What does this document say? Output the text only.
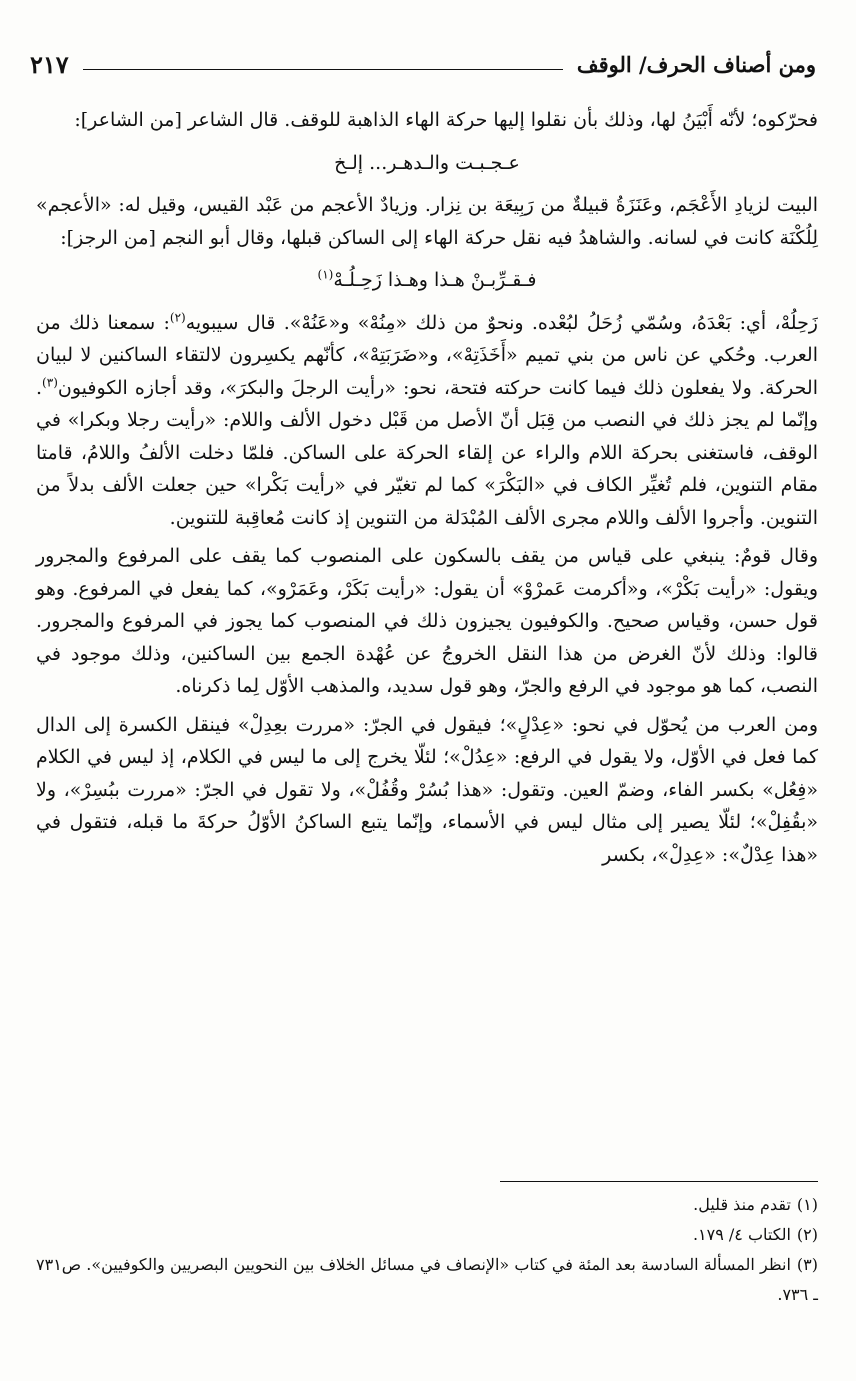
ومن أصناف الحرف/ الوقف
٢١٧

فحرّكوه؛ لأنّه أَبْيَنُ لها، وذلك بأن نقلوا إليها حركة الهاء الذاهبة للوقف. قال الشاعر [من الشاعر]:

عـجـبـت والـدهـر... إلـخ

البيت لزيادِ الأَعْجَم، وعَنَزَةُ قبيلةٌ من رَبِيعَة بن نِزار. وزيادٌ الأعجم من عَبْد القيس، وقيل له: «الأعجم» لِلُكْنَة كانت في لسانه. والشاهدُ فيه نقل حركة الهاء إلى الساكن قبلها، وقال أبو النجم [من الرجز]:

فـقـرِّبـنْ هـذا وهـذا زَحِـلُـهْ$^{(١)}$

زَحِلُهْ، أي: بَعْدَهُ، وسُمّي زُحَلُ لبُعْده. ونحوٌ من ذلك «مِنُهْ» و«عَنُهْ». قال سيبويه$^{(٢)}$: سمعنا ذلك من العرب. وحُكي عن ناس من بني تميم «أَخَذَتِهْ»، و«ضَرَبَتِهْ»، كأنّهم يكسِرون لالتقاء الساكنين لا لبيان الحركة. ولا يفعلون ذلك فيما كانت حركته فتحة، نحو: «رأيت الرجلَ والبكرَ»، وقد أجازه الكوفيون$^{(٣)}$. وإنّما لم يجز ذلك في النصب من قِبَل أنّ الأصل من قَبْل دخول الألف واللام: «رأيت رجلا وبكرا» في الوقف، فاستغنى بحركة اللام والراء عن إلقاء الحركة على الساكن. فلمّا دخلت الألفُ واللامُ، قامتا مقام التنوين، فلم تُغيِّر الكاف في «البَكْرَ» كما لم تغيّر في «رأيت بَكْرا» حين جعلت الألف بدلاً من التنوين. وأجروا الألف واللام مجرى الألف المُبْدَلة من التنوين إذ كانت مُعاقِبة للتنوين.

وقال قومٌ: ينبغي على قياس من يقف بالسكون على المنصوب كما يقف على المرفوع والمجرور ويقول: «رأيت بَكْرْ»، و«أكرمت عَمرْوْ» أن يقول: «رأيت بَكَرْ، وعَمَرْو»، كما يفعل في المرفوع. وهو قول حسن، وقياس صحيح. والكوفيون يجيزون ذلك في المنصوب كما يجوز في المرفوع والمجرور. قالوا: وذلك لأنّ الغرض من هذا النقل الخروجُ عن عُهْدة الجمع بين الساكنين، وذلك موجود في النصب، كما هو موجود في الرفع والجرّ، وهو قول سديد، والمذهب الأوّل لِما ذكرناه.

ومن العرب من يُحوّل في نحو: «عِدْلٍ»؛ فيقول في الجرّ: «مررت بعِدِلْ» فينقل الكسرة إلى الدال كما فعل في الأوّل، ولا يقول في الرفع: «عِدُلْ»؛ لئلّا يخرج إلى ما ليس في الكلام، إذ ليس في الكلام «فِعُل» بكسر الفاء، وضمّ العين. وتقول: «هذا بُسُرْ وقُفُلْ»، ولا تقول في الجرّ: «مررت ببُسِرْ»، ولا «بقُفِلْ»؛ لئلّا يصير إلى مثال ليس في الأسماء، وإنّما يتبع الساكنُ الأوّلُ حركةَ ما قبله، فتقول في «هذا عِدْلٌ»: «عِدِلْ»، بكسر

(١)تقدم منذ قليل.

(٢)الكتاب ٤/ ١٧٩.

(٣)انظر المسألة السادسة بعد المئة في كتاب «الإنصاف في مسائل الخلاف بين النحويين البصريين والكوفيين». ص٧٣١ ـ ٧٣٦.
